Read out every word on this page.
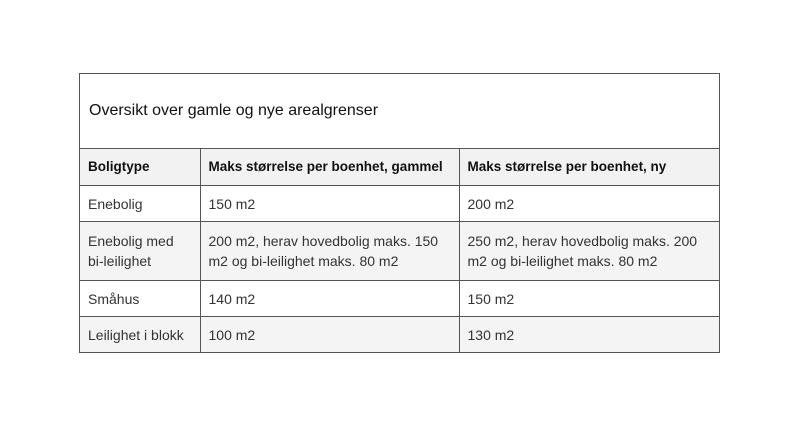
Oversikt over gamle og nye arealgrenser
Boligtype	Maks størrelse per boenhet, gammel	Maks størrelse per boenhet, ny
Enebolig	150 m2	200 m2
Enebolig med bi-leilighet	200 m2, herav hovedbolig maks. 150 m2 og bi-leilighet maks. 80 m2	250 m2, herav hovedbolig maks. 200 m2 og bi-leilighet maks. 80 m2
Småhus	140 m2	150 m2
Leilighet i blokk	100 m2	130 m2
